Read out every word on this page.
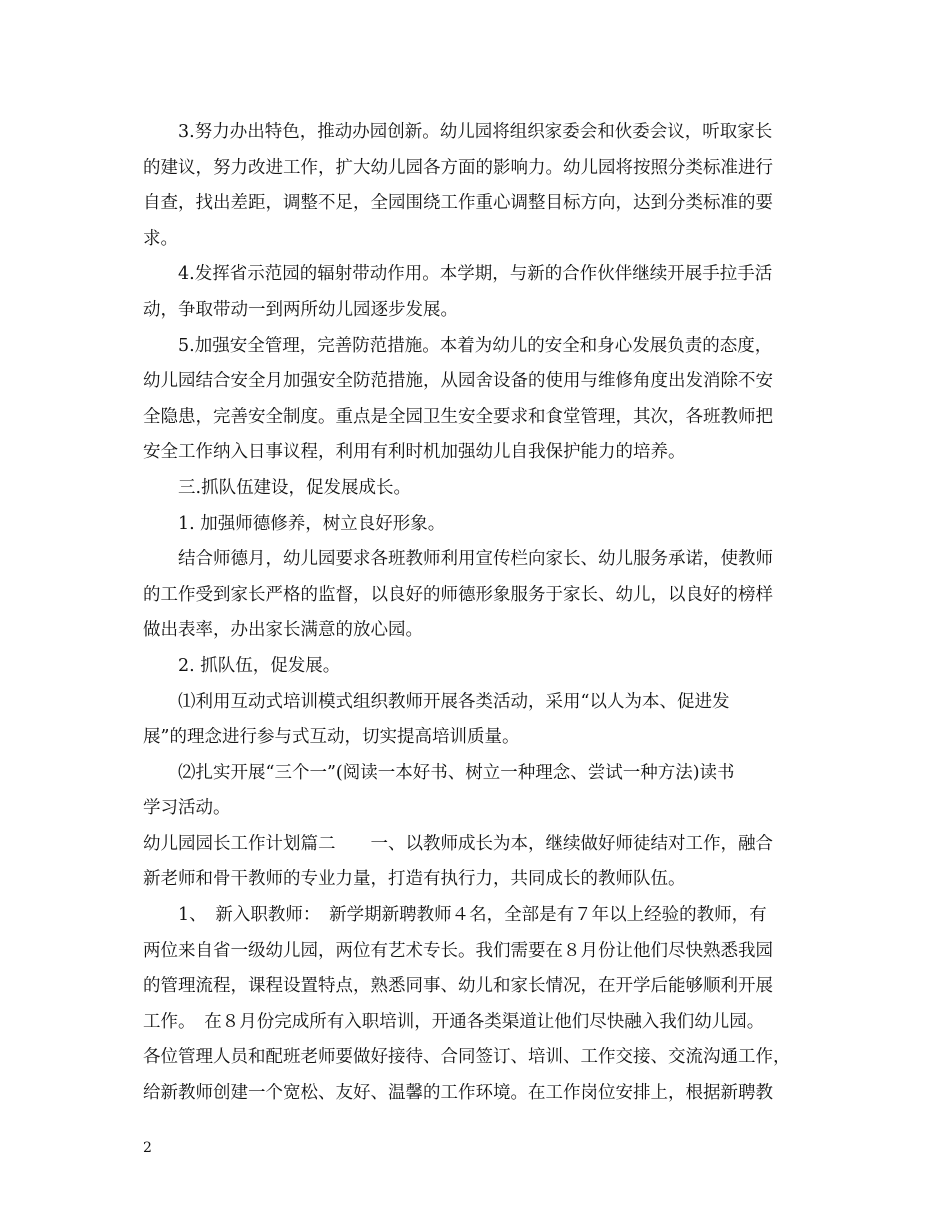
3.努力办出特色，推动办园创新。幼儿园将组织家委会和伙委会议，听取家长
的建议，努力改进工作，扩大幼儿园各方面的影响力。幼儿园将按照分类标准进行
自查，找出差距，调整不足，全园围绕工作重心调整目标方向，达到分类标准的要
求。
4.发挥省示范园的辐射带动作用。本学期，与新的合作伙伴继续开展手拉手活
动，争取带动一到两所幼儿园逐步发展。
5.加强安全管理，完善防范措施。本着为幼儿的安全和身心发展负责的态度，
幼儿园结合安全月加强安全防范措施，从园舍设备的使用与维修角度出发消除不安
全隐患，完善安全制度。重点是全园卫生安全要求和食堂管理，其次，各班教师把
安全工作纳入日事议程，利用有利时机加强幼儿自我保护能力的培养。
三.抓队伍建设，促发展成长。
1. 加强师德修养，树立良好形象。
结合师德月，幼儿园要求各班教师利用宣传栏向家长、幼儿服务承诺，使教师
的工作受到家长严格的监督，以良好的师德形象服务于家长、幼儿，以良好的榜样
做出表率，办出家长满意的放心园。
2. 抓队伍，促发展。
⑴利用互动式培训模式组织教师开展各类活动，采用“以人为本、促进发
展”的理念进行参与式互动，切实提高培训质量。
⑵扎实开展“三个一”(阅读一本好书、树立一种理念、尝试一种方法)读书
学习活动。
幼儿园园长工作计划篇二　　一、以教师成长为本，继续做好师徒结对工作，融合
新老师和骨干教师的专业力量，打造有执行力，共同成长的教师队伍。
1、　新入职教师：　新学期新聘教师４名，全部是有７年以上经验的教师，有
两位来自省一级幼儿园，两位有艺术专长。我们需要在８月份让他们尽快熟悉我园
的管理流程，课程设置特点，熟悉同事、幼儿和家长情况，在开学后能够顺利开展
工作。　在８月份完成所有入职培训，开通各类渠道让他们尽快融入我们幼儿园。
各位管理人员和配班老师要做好接待、合同签订、培训、工作交接、交流沟通工作，
给新教师创建一个宽松、友好、温馨的工作环境。在工作岗位安排上，根据新聘教
2
